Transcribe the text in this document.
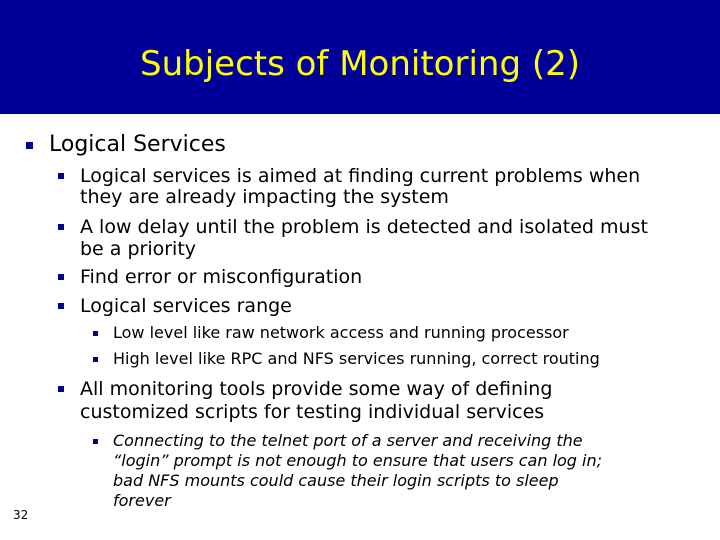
Subjects of Monitoring (2)
Logical Services
Logical services is aimed at finding current problems when
they are already impacting the system
A low delay until the problem is detected and isolated must
be a priority
Find error or misconfiguration
Logical services range
Low level like raw network access and running processor
High level like RPC and NFS services running, correct routing
All monitoring tools provide some way of defining
customized scripts for testing individual services
Connecting to the telnet port of a server and receiving the
“login” prompt is not enough to ensure that users can log in;
bad NFS mounts could cause their login scripts to sleep
forever
32
